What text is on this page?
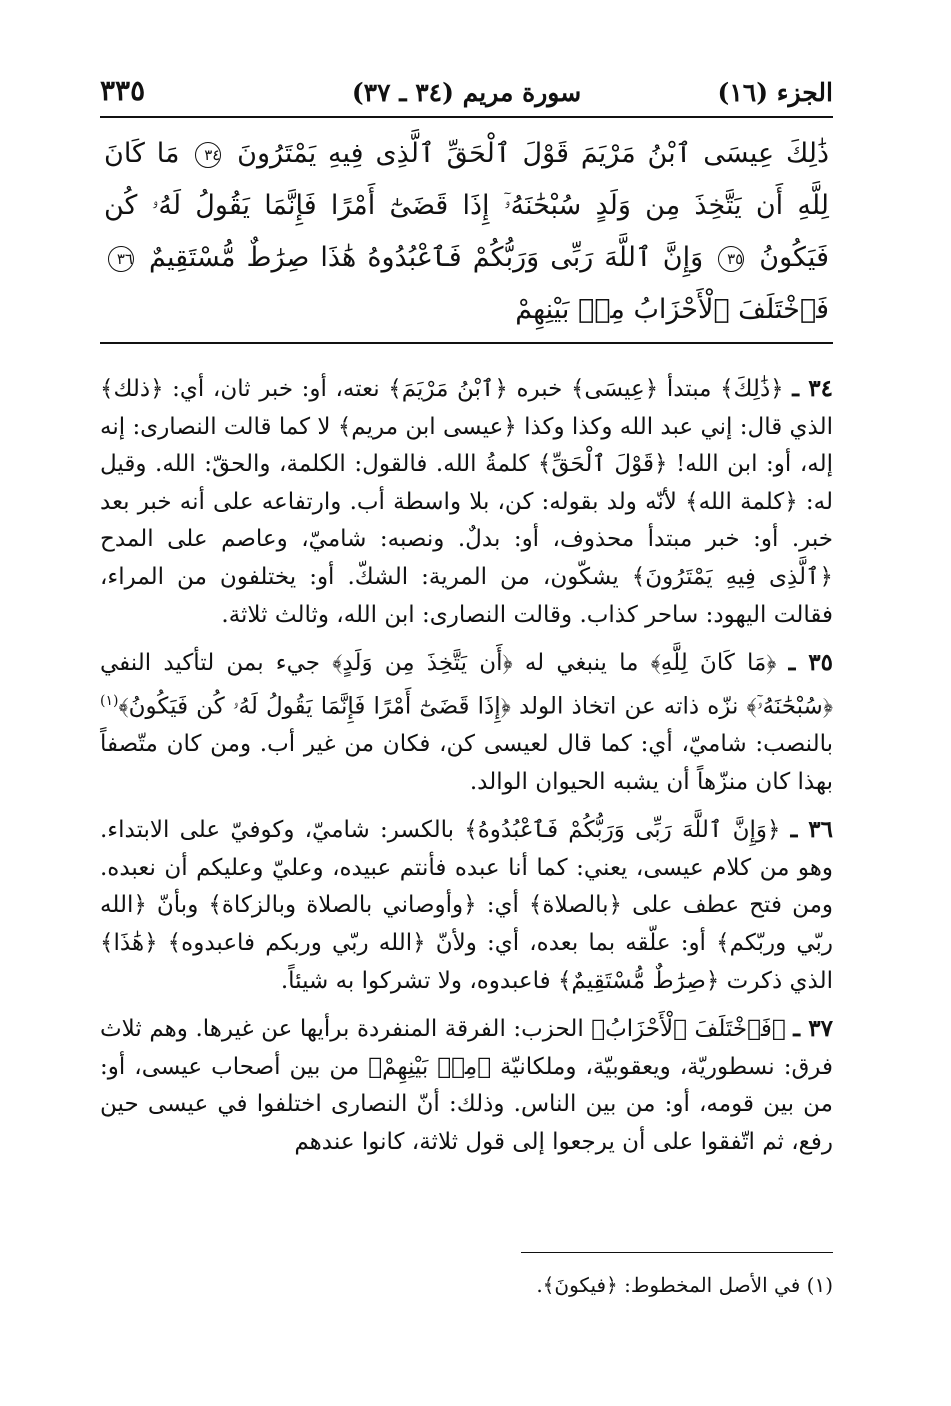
الجزء (١٦)
سورة مريم (٣٤ ـ ٣٧)
٣٣٥
ذَٰلِكَ عِيسَى ٱبْنُ مَرْيَمَ قَوْلَ ٱلْحَقِّ ٱلَّذِى فِيهِ يَمْتَرُونَ ٣٤ مَا كَانَ لِلَّهِ أَن يَتَّخِذَ مِن وَلَدٍ سُبْحَٰنَهُۥٓ إِذَا قَضَىٰٓ أَمْرًا فَإِنَّمَا يَقُولُ لَهُۥ كُن فَيَكُونُ ٣٥ وَإِنَّ ٱللَّهَ رَبِّى وَرَبُّكُمْ فَٱعْبُدُوهُ هَٰذَا صِرَٰطٌ مُّسْتَقِيمٌ ٣٦ فَٱخْتَلَفَ ٱلْأَحْزَابُ مِنۢ بَيْنِهِمْ

٣٤ ـ ﴿ذَٰلِكَ﴾ مبتدأ ﴿عِيسَى﴾ خبره ﴿ٱبْنُ مَرْيَمَ﴾ نعته، أو: خبر ثان، أي: ﴿ذلك﴾ الذي قال: إني عبد الله وكذا وكذا ﴿عيسى ابن مريم﴾ لا كما قالت النصارى: إنه إله، أو: ابن الله! ﴿قَوْلَ ٱلْحَقِّ﴾ كلمةُ الله. فالقول: الكلمة، والحقّ: الله. وقيل له: ﴿كلمة الله﴾ لأنّه ولد بقوله: كن، بلا واسطة أب. وارتفاعه على أنه خبر بعد خبر. أو: خبر مبتدأ محذوف، أو: بدلٌ. ونصبه: شاميّ، وعاصم على المدح ﴿ٱلَّذِى فِيهِ يَمْتَرُونَ﴾ يشكّون، من المرية: الشكّ. أو: يختلفون من المراء، فقالت اليهود: ساحر كذاب. وقالت النصارى: ابن الله، وثالث ثلاثة.

٣٥ ـ ﴿مَا كَانَ لِلَّهِ﴾ ما ينبغي له ﴿أَن يَتَّخِذَ مِن وَلَدٍ﴾ جيء بمن لتأكيد النفي ﴿سُبْحَٰنَهُۥٓ﴾ نزّه ذاته عن اتخاذ الولد ﴿إِذَا قَضَىٰٓ أَمْرًا فَإِنَّمَا يَقُولُ لَهُۥ كُن فَيَكُونُ﴾$^{(١)}$ بالنصب: شاميّ، أي: كما قال لعيسى كن، فكان من غير أب. ومن كان متّصفاً بهذا كان منزّهاً أن يشبه الحيوان الوالد.

٣٦ ـ ﴿وَإِنَّ ٱللَّهَ رَبِّى وَرَبُّكُمْ فَٱعْبُدُوهُ﴾ بالكسر: شاميّ، وكوفيّ على الابتداء. وهو من كلام عيسى، يعني: كما أنا عبده فأنتم عبيده، وعليّ وعليكم أن نعبده. ومن فتح عطف على ﴿بالصلاة﴾ أي: ﴿وأوصاني بالصلاة وبالزكاة﴾ وبأنّ ﴿الله ربّي وربّكم﴾ أو: علّقه بما بعده، أي: ولأنّ ﴿الله ربّي وربكم فاعبدوه﴾ ﴿هَٰذَا﴾ الذي ذكرت ﴿صِرَٰطٌ مُّسْتَقِيمٌ﴾ فاعبدوه، ولا تشركوا به شيئاً.

٣٧ ـ ﴿فَٱخْتَلَفَ ٱلْأَحْزَابُ﴾ الحزب: الفرقة المنفردة برأيها عن غيرها. وهم ثلاث فرق: نسطوريّة، ويعقوبيّة، وملكانيّة ﴿مِنۢ بَيْنِهِمْ﴾ من بين أصحاب عيسى، أو: من بين قومه، أو: من بين الناس. وذلك: أنّ النصارى اختلفوا في عيسى حين رفع، ثم اتّفقوا على أن يرجعوا إلى قول ثلاثة، كانوا عندهم

(١) في الأصل المخطوط: ﴿فيكونَ﴾.
